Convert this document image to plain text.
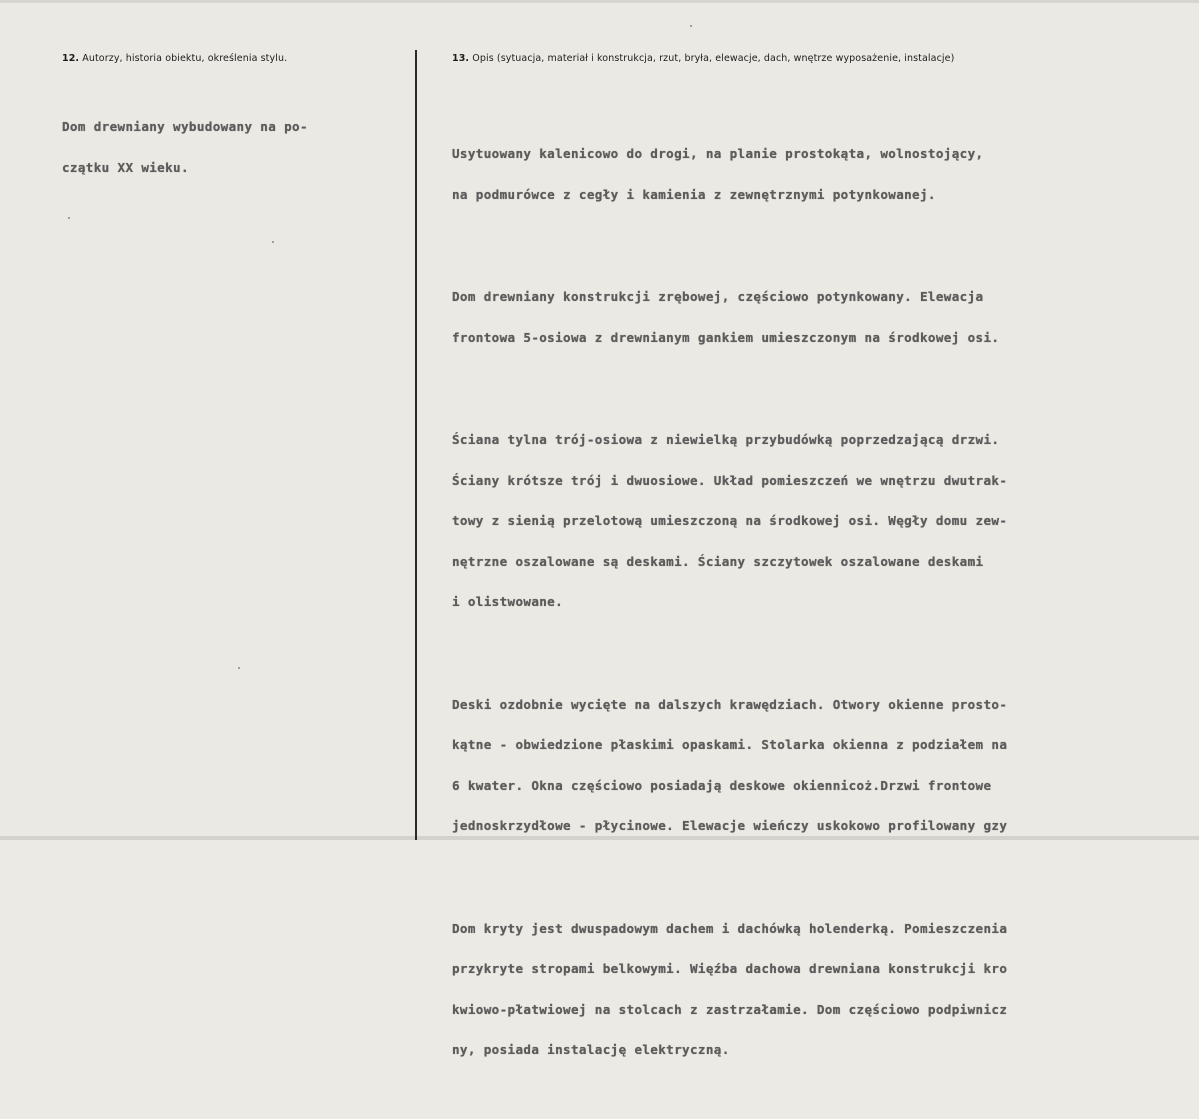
12. Autorzy, historia obiektu, określenia stylu.	13. Opis (sytuacja, materiał i konstrukcja, rzut, bryła, elewacje, dach, wnętrze wyposażenie, instalacje)

Dom drewniany wybudowany na po-

czątku XX wieku.

Usytuowany kalenicowo do drogi, na planie prostokąta, wolnostojący,

na podmurówce z cegły i kamienia z zewnętrznymi potynkowanej.

Dom drewniany konstrukcji zrębowej, częściowo potynkowany. Elewacja

frontowa 5-osiowa z drewnianym gankiem umieszczonym na środkowej osi.

Ściana tylna trój-osiowa z niewielką przybudówką poprzedzającą drzwi.

Ściany krótsze trój i dwuosiowe. Układ pomieszczeń we wnętrzu dwutrak-

towy z sienią przelotową umieszczoną na środkowej osi. Węgły domu zew-

nętrzne oszalowane są deskami. Ściany szczytowek oszalowane deskami

i olistwowane.

Deski ozdobnie wycięte na dalszych krawędziach. Otwory okienne prosto-

kątne - obwiedzione płaskimi opaskami. Stolarka okienna z podziałem na

6 kwater. Okna częściowo posiadają deskowe okiennicoż.Drzwi frontowe

jednoskrzydłowe - płycinowe. Elewacje wieńczy uskokowo profilowany gzy

Dom kryty jest dwuspadowym dachem i dachówką holenderką. Pomieszczenia

przykryte stropami belkowymi. Więźba dachowa drewniana konstrukcji kro

kwiowo-płatwiowej na stolcach z zastrzałamie. Dom częściowo podpiwnicz

ny, posiada instalację elektryczną.
